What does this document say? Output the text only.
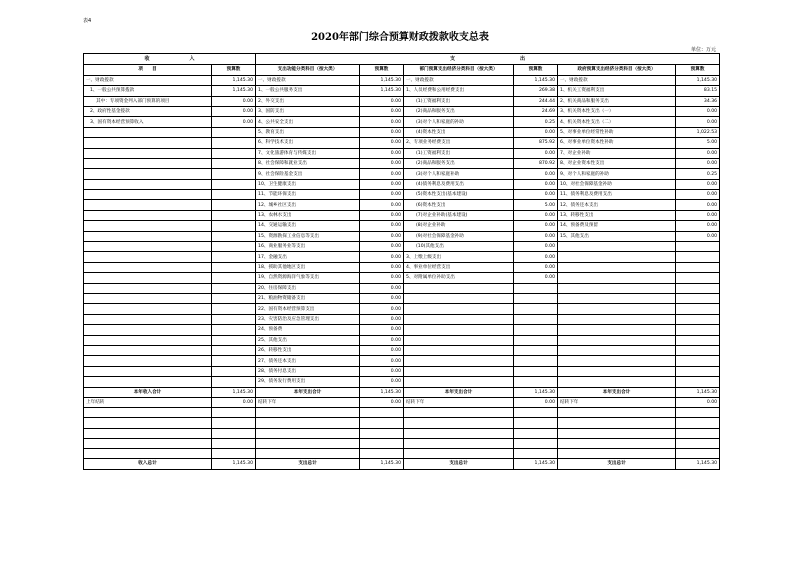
表4
2020年部门综合预算财政拨款收支总表
单位：万元
收　　　　　　　　入		支　　　　　　　　　　　　　出					
项　　目	预算数	支出功能分类科目（按大类）	预算数	部门预算支出经济分类科目（按大类）	预算数	政府预算支出经济分类科目（按大类）	预算数
一、财政拨款	1,145.30	一、财政拨款	1,145.30	一、财政拨款	1,145.30	一、财政拨款	1,145.30
1、一般公共预算拨款	1,145.30	1、一般公共服务支出	1,145.30	1、人员经费和公用经费支出	269.38	1、机关工资福利支出	83.15
其中：专项资金列入部门预算的项目	0.00	2、外交支出	0.00	(1)工资福利支出	244.44	2、机关商品和服务支出	34.36
2、政府性基金拨款	0.00	3、国防支出	0.00	(2)商品和服务支出	24.69	3、机关资本性支出（一）	0.00
3、国有资本经营预算收入	0.00	4、公共安全支出	0.00	(3)对个人和家庭的补助	0.25	4、机关资本性支出（二）	0.00
		5、教育支出	0.00	(4)资本性支出	0.00	5、对事业单位经常性补助	1,022.53
		6、科学技术支出	0.00	2、专项业务经费支出	875.92	6、对事业单位资本性补助	5.00
		7、文化旅游体育与传媒支出	0.00	(1)工资福利支出	0.00	7、对企业补助	0.00
		8、社会保障和就业支出	0.00	(2)商品和服务支出	870.92	8、对企业资本性支出	0.00
		9、社会保险基金支出	0.00	(3)对个人和家庭补助	0.00	9、对个人和家庭的补助	0.25
		10、卫生健康支出	0.00	(4)债务利息及费用支出	0.00	10、对社会保障基金补助	0.00
		11、节能环保支出	0.00	(5)资本性支出(基本建设)	0.00	11、债务利息及费用支出	0.00
		12、城乡社区支出	0.00	(6)资本性支出	5.00	12、债务还本支出	0.00
		13、农林水支出	0.00	(7)对企业补助(基本建设)	0.00	13、转移性支出	0.00
		14、交通运输支出	0.00	(8)对企业补助	0.00	14、预备费及预留	0.00
		15、资源勘探工业信息等支出	0.00	(9)对社会保障基金补助	0.00	15、其他支出	0.00
		16、商业服务业等支出	0.00	(10)其他支出	0.00		
		17、金融支出	0.00	3、上缴上级支出	0.00		
		18、援助其他地区支出	0.00	4、事业单位经营支出	0.00		
		19、自然资源海洋气象等支出	0.00	5、对附属单位补助支出	0.00		
		20、住房保障支出	0.00				
		21、粮油物资储备支出	0.00				
		22、国有资本经营预算支出	0.00				
		23、灾害防治及应急管理支出	0.00				
		24、预备费	0.00				
		25、其他支出	0.00				
		26、转移性支出	0.00				
		27、债务还本支出	0.00				
		28、债务付息支出	0.00				
		29、债务发行费用支出	0.00				
本年收入合计	1,145.30	本年支出合计	1,145.30	本年支出合计	1,145.30	本年支出合计	1,145.30
上年结转	0.00	结转下年	0.00	结转下年	0.00	结转下年	0.00

收入总计	1,145.30	支出总计	1,145.30	支出总计	1,145.30	支出总计	1,145.30
